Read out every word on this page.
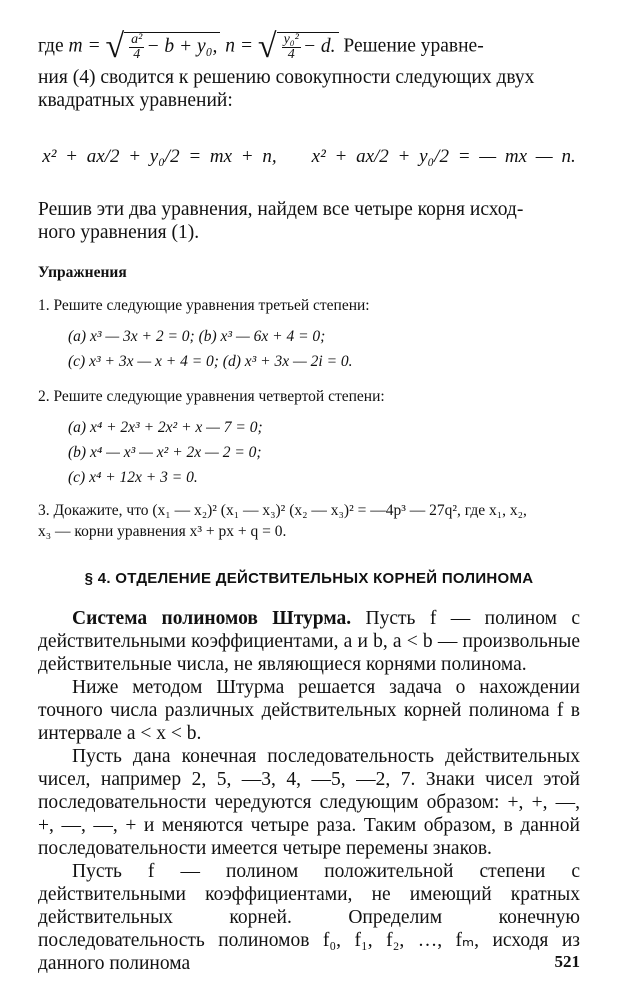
где m = √ $\frac{\text{a²}}{4} - b + y_0$, n = √ $\frac{\text{y₀²}}{4} - d$. Решение уравне-
ния (4) сводится к решению совокупности следующих двух
квадратных уравнений:
x² + ax/2 + y₀/2 = mx + n, x² + ax/2 + y₀/2 = — mx — n.
Решив эти два уравнения, найдем все четыре корня исход-
ного уравнения (1).
Упражнения
1. Решите следующие уравнения третьей степени:
(a) x³ — 3x + 2 = 0; (b) x³ — 6x + 4 = 0;
(c) x³ + 3x — x + 4 = 0; (d) x³ + 3x — 2i = 0.
2. Решите следующие уравнения четвертой степени:
(a) x⁴ + 2x³ + 2x² + x — 7 = 0;
(b) x⁴ — x³ — x² + 2x — 2 = 0;
(c) x⁴ + 12x + 3 = 0.
3. Докажите, что (x₁ — x₂)² (x₁ — x₃)² (x₂ — x₃)² = —4p³ — 27q², где x₁, x₂,
x₃ — корни уравнения x³ + px + q = 0.
§ 4. ОТДЕЛЕНИЕ ДЕЙСТВИТЕЛЬНЫХ КОРНЕЙ ПОЛИНОМА

Система полиномов Штурма. Пусть f — полином с действительными коэффициентами, a и b, a < b — произвольные действительные числа, не являющиеся корнями полинома.

Ниже методом Штурма решается задача о нахождении точного числа различных действительных корней полинома f в интервале a < x < b.

Пусть дана конечная последовательность действительных чисел, например 2, 5, —3, 4, —5, —2, 7. Знаки чисел этой последовательности чередуются следующим образом: +, +, —, +, —, —, + и меняются четыре раза. Таким образом, в данной последовательности имеется четыре перемены знаков.

Пусть f — полином положительной степени с действительными коэффициентами, не имеющий кратных действительных корней. Определим конечную последовательность полиномов f₀, f₁, f₂, …, fₘ, исходя из данного полинома	521
